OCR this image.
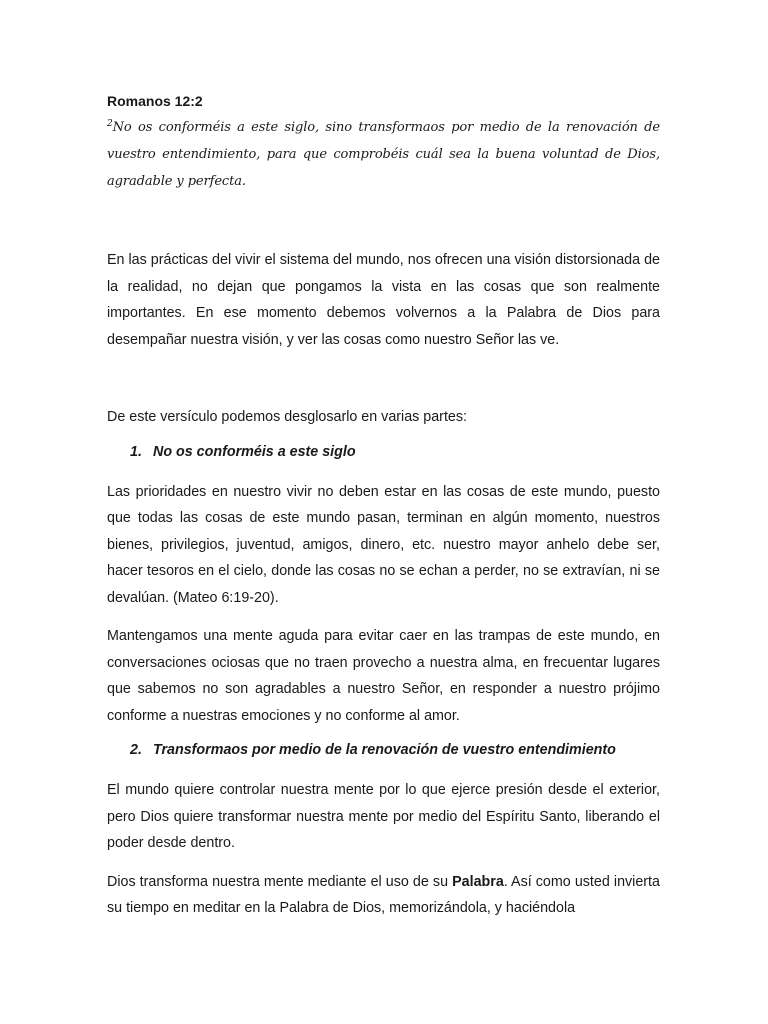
Romanos 12:2

$^2$No os conforméis a este siglo, sino transformaos por medio de la renovación de vuestro entendimiento, para que comprobéis cuál sea la buena voluntad de Dios, agradable y perfecta.

En las prácticas del vivir el sistema del mundo, nos ofrecen una visión distorsionada de la realidad, no dejan que pongamos la vista en las cosas que son realmente importantes. En ese momento debemos volvernos a la Palabra de Dios para desempañar nuestra visión, y ver las cosas como nuestro Señor las ve.

De este versículo podemos desglosarlo en varias partes:

1. No os conforméis a este siglo

Las prioridades en nuestro vivir no deben estar en las cosas de este mundo, puesto que todas las cosas de este mundo pasan, terminan en algún momento, nuestros bienes, privilegios, juventud, amigos, dinero, etc. nuestro mayor anhelo debe ser, hacer tesoros en el cielo, donde las cosas no se echan a perder, no se extravían, ni se devalúan. (Mateo 6:19-20).

Mantengamos una mente aguda para evitar caer en las trampas de este mundo, en conversaciones ociosas que no traen provecho a nuestra alma, en frecuentar lugares que sabemos no son agradables a nuestro Señor, en responder a nuestro prójimo conforme a nuestras emociones y no conforme al amor.

2. Transformaos por medio de la renovación de vuestro entendimiento

El mundo quiere controlar nuestra mente por lo que ejerce presión desde el exterior, pero Dios quiere transformar nuestra mente por medio del Espíritu Santo, liberando el poder desde dentro.

Dios transforma nuestra mente mediante el uso de su Palabra. Así como usted invierta su tiempo en meditar en la Palabra de Dios, memorizándola, y haciéndola
